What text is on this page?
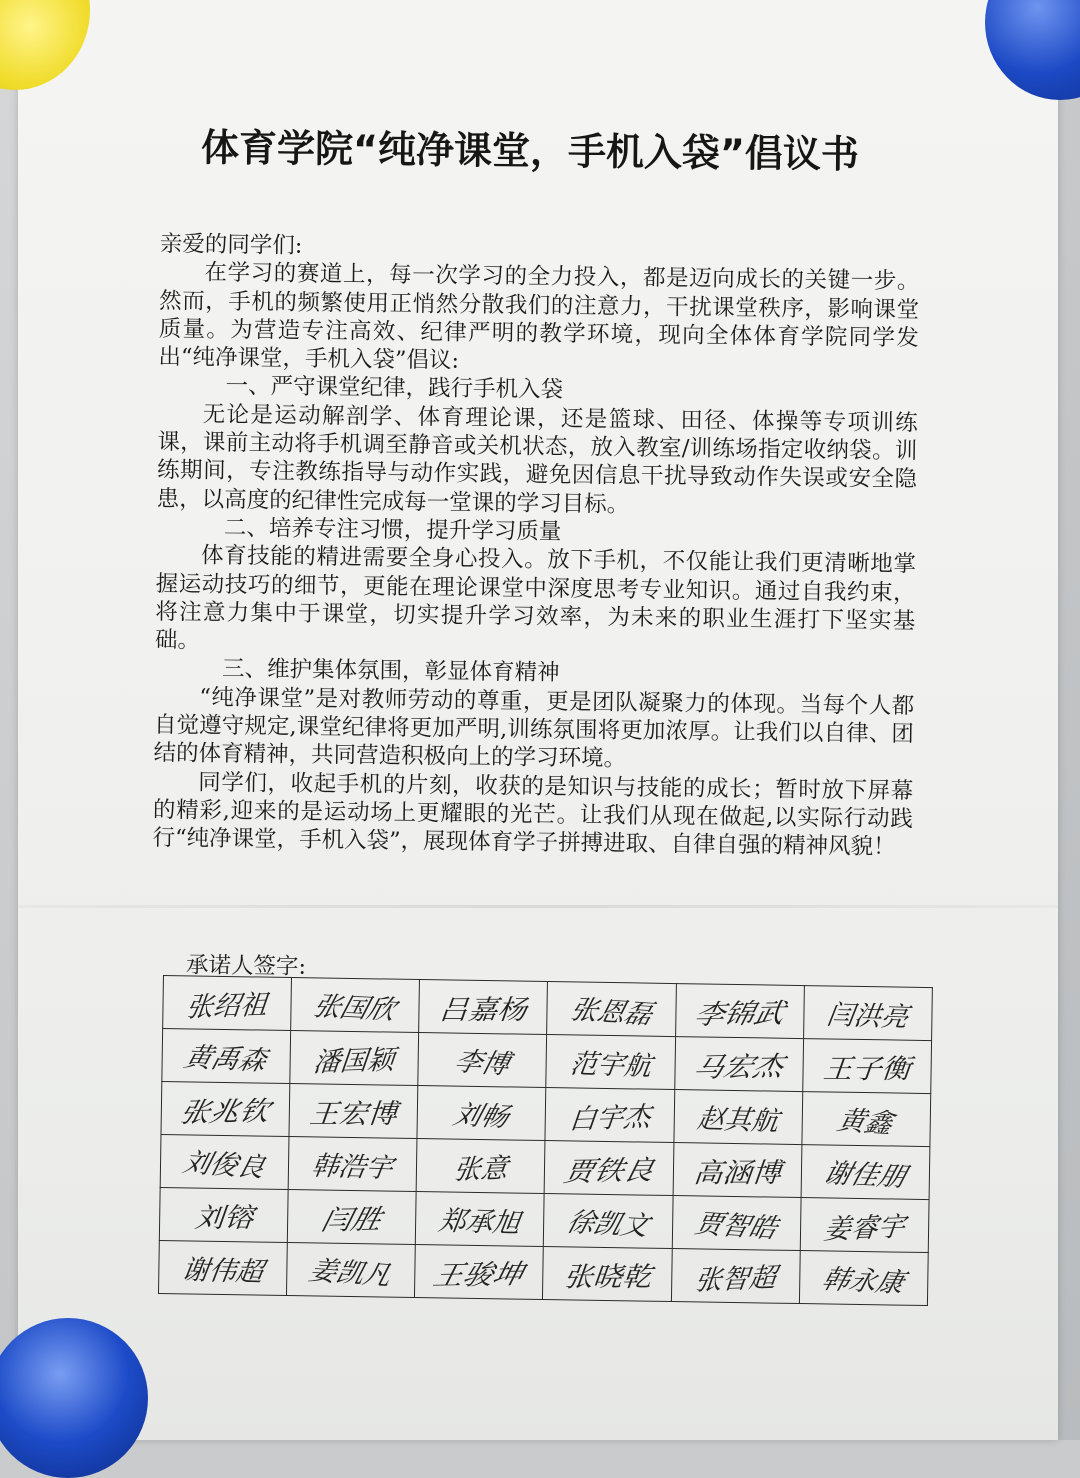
体育学院“纯净课堂，手机入袋”倡议书

亲爱的同学们:

在学习的赛道上，每一次学习的全力投入，都是迈向成长的关键一步。然而，手机的频繁使用正悄然分散我们的注意力，干扰课堂秩序，影响课堂质量。为营造专注高效、纪律严明的教学环境，现向全体体育学院同学发出“纯净课堂，手机入袋”倡议:

一、严守课堂纪律，践行手机入袋

无论是运动解剖学、体育理论课，还是篮球、田径、体操等专项训练课，课前主动将手机调至静音或关机状态，放入教室/训练场指定收纳袋。训练期间，专注教练指导与动作实践，避免因信息干扰导致动作失误或安全隐患，以高度的纪律性完成每一堂课的学习目标。

二、培养专注习惯，提升学习质量

体育技能的精进需要全身心投入。放下手机，不仅能让我们更清晰地掌握运动技巧的细节，更能在理论课堂中深度思考专业知识。通过自我约束，将注意力集中于课堂，切实提升学习效率，为未来的职业生涯打下坚实基础。

三、维护集体氛围，彰显体育精神

“纯净课堂”是对教师劳动的尊重，更是团队凝聚力的体现。当每个人都自觉遵守规定,课堂纪律将更加严明,训练氛围将更加浓厚。让我们以自律、团结的体育精神，共同营造积极向上的学习环境。

同学们，收起手机的片刻，收获的是知识与技能的成长；暂时放下屏幕的精彩,迎来的是运动场上更耀眼的光芒。让我们从现在做起,以实际行动践行“纯净课堂，手机入袋”，展现体育学子拼搏进取、自律自强的精神风貌！

承诺人签字:
张绍祖	张国欣	吕嘉杨	张恩磊	李锦武	闫洪亮
黄禹森	潘国颖	李博	范宇航	马宏杰	王子衡
张兆钦	王宏博	刘畅	白宇杰	赵其航	黄鑫
刘俊良	韩浩宇	张意	贾铁良	高涵博	谢佳朋
刘镕	闫胜	郑承旭	徐凯文	贾智皓	姜睿宇
谢伟超	姜凯凡	王骏坤	张晓乾	张智超	韩永康
